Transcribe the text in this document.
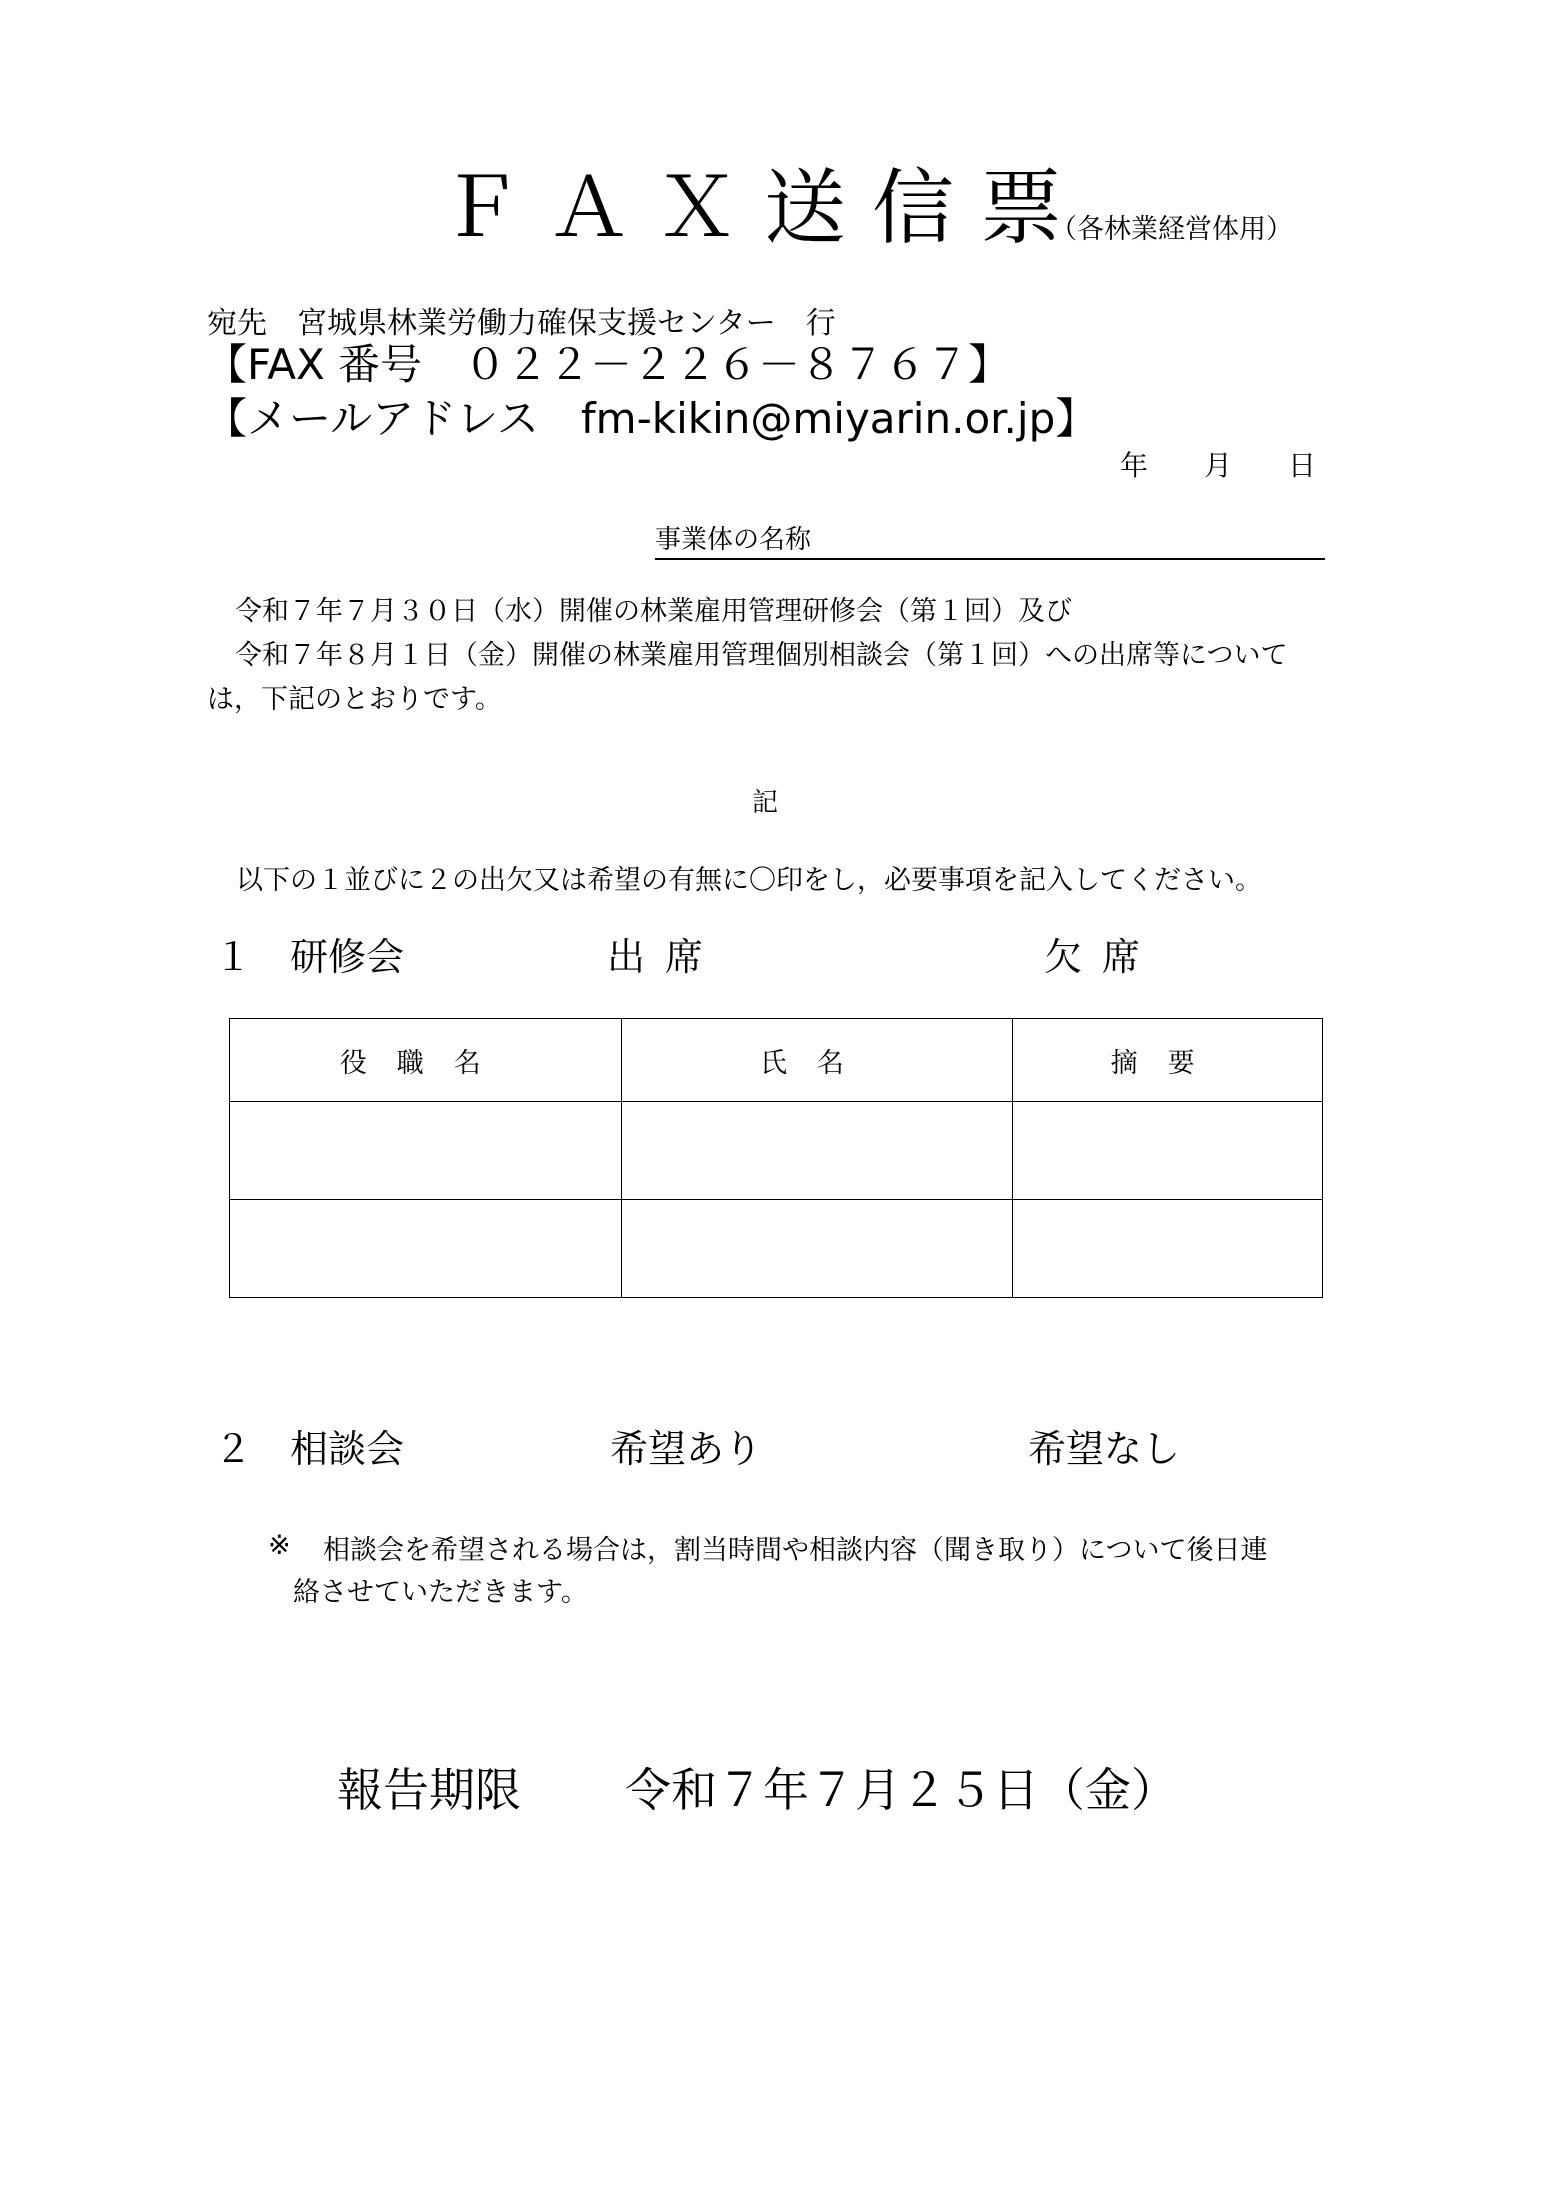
ＦＡＸ送信票
（各林業経営体用）
宛先　宮城県林業労働力確保支援センター　行
【FAX 番号　０２２－２２６－８７６７】
【メールアドレス　fm-kikin@miyarin.or.jp】
年 月 日
事業体の名称

令和７年７月３０日（水）開催の林業雇用管理研修会（第１回）及び

令和７年８月１日（金）開催の林業雇用管理個別相談会（第１回）への出席等については，下記のとおりです。

記
以下の１並びに２の出欠又は希望の有無に〇印をし，必要事項を記入してください。
１ 研修会	出席	欠席
役職名	氏名	摘要

２ 相談会	希望あり	希望なし
※ 相談会を希望される場合は，割当時間や相談内容（聞き取り）について後日連

絡させていただきます。

報告期限 令和７年７月２５日（金）
